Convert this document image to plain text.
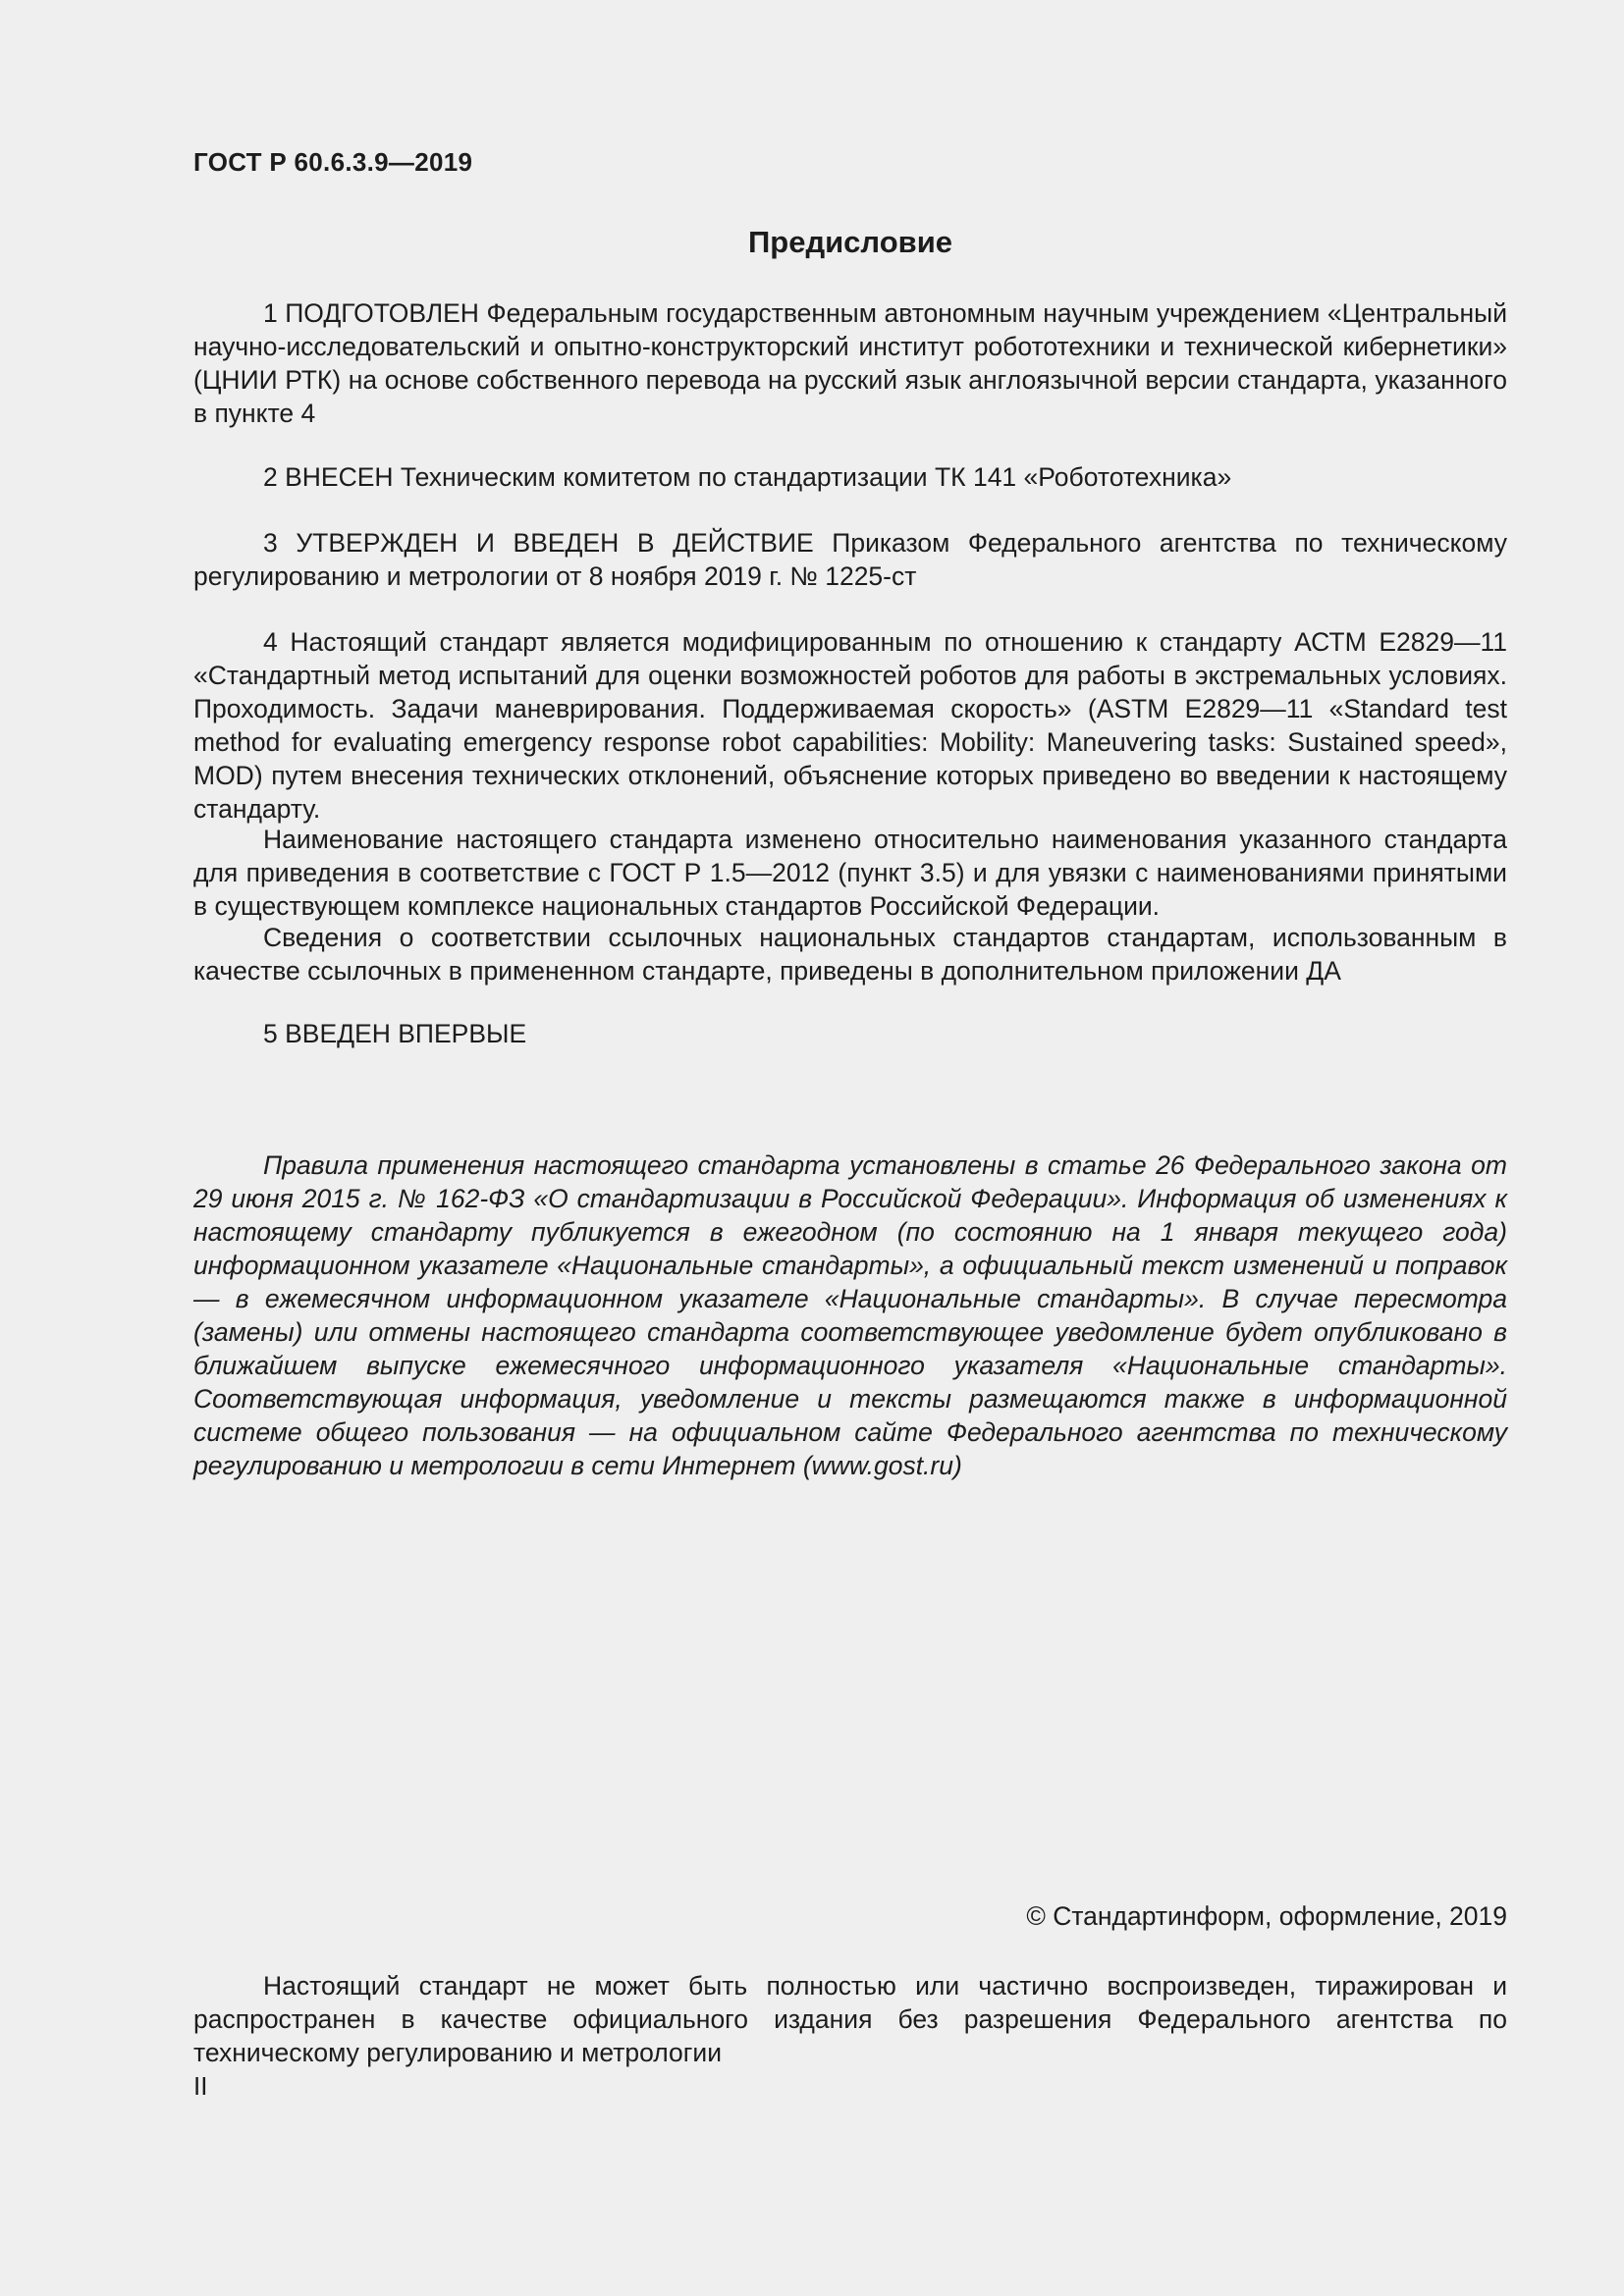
ГОСТ Р 60.6.3.9—2019
Предисловие

1 ПОДГОТОВЛЕН Федеральным государственным автономным научным учреждением «Центральный научно-исследовательский и опытно-конструкторский институт робототехники и технической кибернетики» (ЦНИИ РТК) на основе собственного перевода на русский язык англоязычной версии стандарта, указанного в пункте 4

2 ВНЕСЕН Техническим комитетом по стандартизации ТК 141 «Робототехника»

3 УТВЕРЖДЕН И ВВЕДЕН В ДЕЙСТВИЕ Приказом Федерального агентства по техническому регулированию и метрологии от 8 ноября 2019 г. № 1225-ст

4 Настоящий стандарт является модифицированным по отношению к стандарту АСТМ Е2829—11 «Стандартный метод испытаний для оценки возможностей роботов для работы в экстремальных условиях. Проходимость. Задачи маневрирования. Поддерживаемая скорость» (ASTM E2829—11 «Standard test method for evaluating emergency response robot capabilities: Mobility: Maneuvering tasks: Sustained speed», MOD) путем внесения технических отклонений, объяснение которых приведено во введении к настоящему стандарту.

Наименование настоящего стандарта изменено относительно наименования указанного стандарта для приведения в соответствие с ГОСТ Р 1.5—2012 (пункт 3.5) и для увязки с наименованиями принятыми в существующем комплексе национальных стандартов Российской Федерации.

Сведения о соответствии ссылочных национальных стандартов стандартам, использованным в качестве ссылочных в примененном стандарте, приведены в дополнительном приложении ДА

5 ВВЕДЕН ВПЕРВЫЕ

Правила применения настоящего стандарта установлены в статье 26 Федерального закона от 29 июня 2015 г. № 162-ФЗ «О стандартизации в Российской Федерации». Информация об изменениях к настоящему стандарту публикуется в ежегодном (по состоянию на 1 января текущего года) информационном указателе «Национальные стандарты», а официальный текст изменений и поправок — в ежемесячном информационном указателе «Национальные стандарты». В случае пересмотра (замены) или отмены настоящего стандарта соответствующее уведомление будет опубликовано в ближайшем выпуске ежемесячного информационного указателя «Национальные стандарты». Соответствующая информация, уведомление и тексты размещаются также в информационной системе общего пользования — на официальном сайте Федерального агентства по техническому регулированию и метрологии в сети Интернет (www.gost.ru)

© Стандартинформ, оформление, 2019

Настоящий стандарт не может быть полностью или частично воспроизведен, тиражирован и распространен в качестве официального издания без разрешения Федерального агентства по техническому регулированию и метрологии

II
